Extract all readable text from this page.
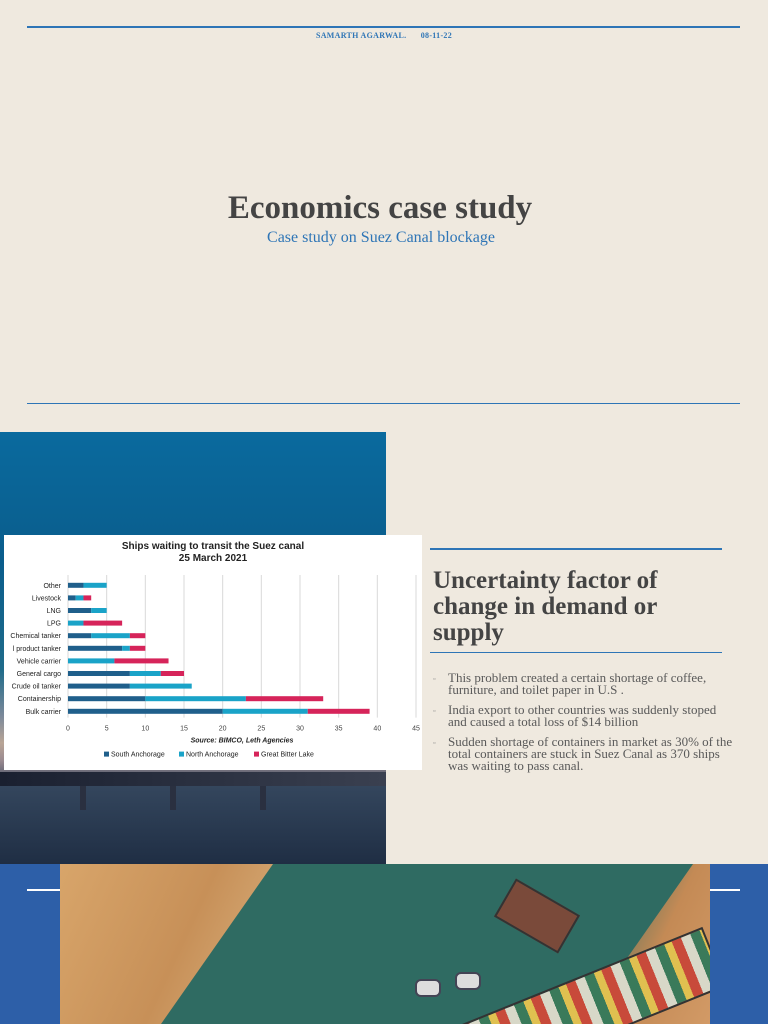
SAMARTH AGARWAL. 08-11-22
Economics case study
Case study on Suez Canal blockage
Ships waiting to transit the Suez canal
25 March 2021
0	5	10	15	20	25	30	35	40	45
Other
Livestock
LNG
LPG
Chemical tanker
l product tanker
Vehicle carrier
General cargo
Crude oil tanker
Containership
Bulk carrier
Source: BIMCO, Leth Agencies
South Anchorage	North Anchorage	Great Bitter Lake
Uncertainty factor of change in demand or supply
▫ This problem created a certain shortage of coffee, furniture, and toilet paper in U.S .
▫ India export to other countries was suddenly stoped and caused a total loss of $14 billion
▫ Sudden shortage of containers in market as 30% of the total containers are stuck in Suez Canal as 370 ships was waiting to pass canal.
